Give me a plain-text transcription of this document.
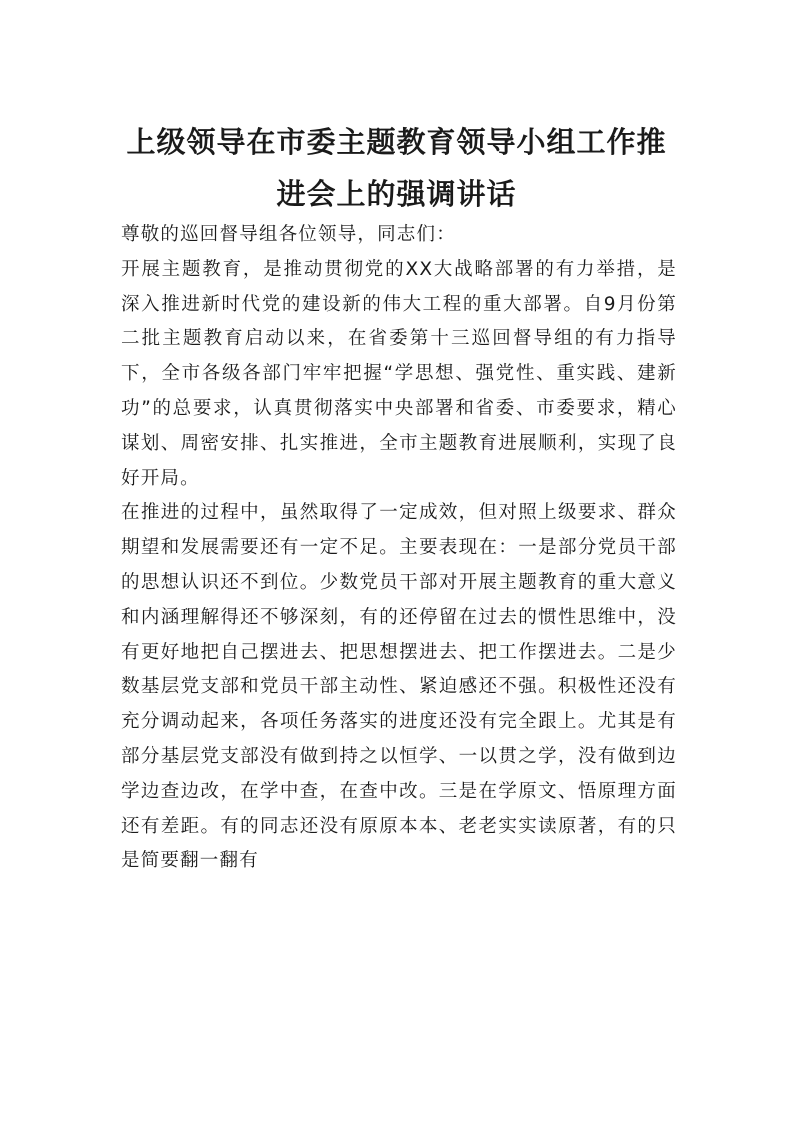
上级领导在市委主题教育领导小组工作推
进会上的强调讲话

尊敬的巡回督导组各位领导，同志们：

开展主题教育，是推动贯彻党的XX大战略部署的有力举措，是深入推进新时代党的建设新的伟大工程的重大部署。自9月份第二批主题教育启动以来，在省委第十三巡回督导组的有力指导下，全市各级各部门牢牢把握“学思想、强党性、重实践、建新功”的总要求，认真贯彻落实中央部署和省委、市委要求，精心谋划、周密安排、扎实推进，全市主题教育进展顺利，实现了良好开局。

在推进的过程中，虽然取得了一定成效，但对照上级要求、群众期望和发展需要还有一定不足。主要表现在：一是部分党员干部的思想认识还不到位。少数党员干部对开展主题教育的重大意义和内涵理解得还不够深刻，有的还停留在过去的惯性思维中，没有更好地把自己摆进去、把思想摆进去、把工作摆进去。二是少数基层党支部和党员干部主动性、紧迫感还不强。积极性还没有充分调动起来，各项任务落实的进度还没有完全跟上。尤其是有部分基层党支部没有做到持之以恒学、一以贯之学，没有做到边学边查边改，在学中查，在查中改。三是在学原文、悟原理方面还有差距。有的同志还没有原原本本、老老实实读原著，有的只是简要翻一翻有
